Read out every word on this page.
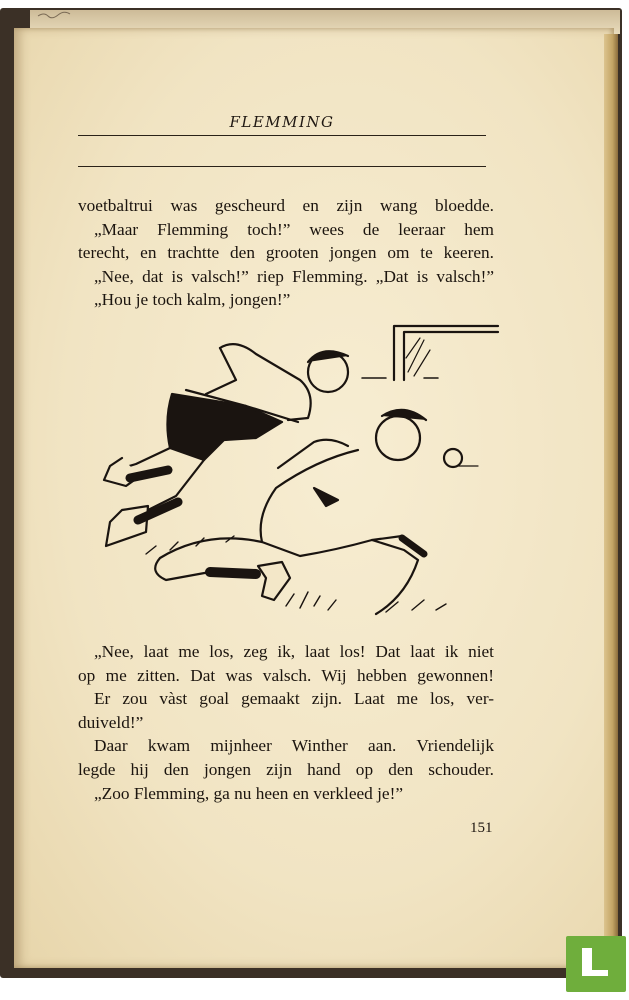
FLEMMING
voetbaltrui was gescheurd en zijn wang bloedde.
„Maar Flemming toch!” wees de leeraar hem
terecht, en trachtte den grooten jongen om te keeren.
„Nee, dat is valsch!” riep Flemming. „Dat is valsch!”
„Hou je toch kalm, jongen!”
„Nee, laat me los, zeg ik, laat los! Dat laat ik niet
op me zitten. Dat was valsch. Wij hebben gewonnen!
Er zou vàst goal gemaakt zijn. Laat me los, ver-
duiveld!”
Daar kwam mijnheer Winther aan. Vriendelijk
legde hij den jongen zijn hand op den schouder.
„Zoo Flemming, ga nu heen en verkleed je!”
151
